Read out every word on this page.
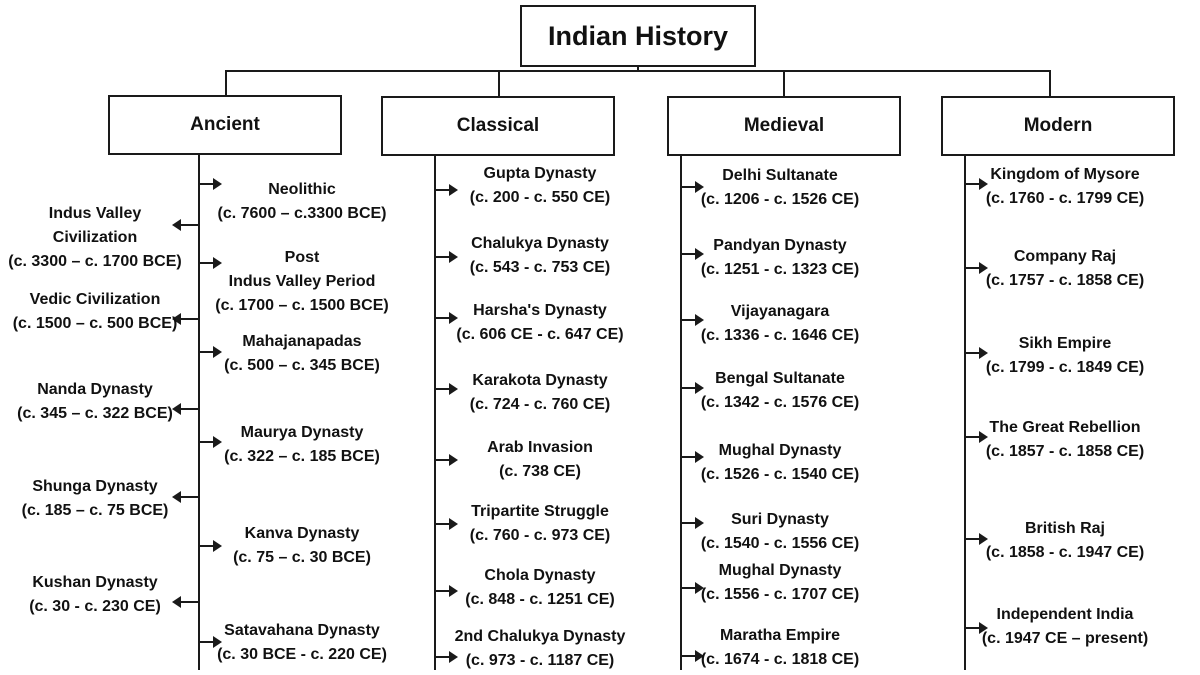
Indian History
Ancient	Classical	Medieval	Modern
Neolithic
(c. 7600 – c.3300 BCE)
Indus Valley
Civilization
(c. 3300 – c. 1700 BCE)	Post
Indus Valley Period
(c. 1700 – c. 1500 BCE)
Vedic Civilization
(c. 1500 – c. 500 BCE)
Mahajanapadas
(c. 500 – c. 345 BCE)
Nanda Dynasty
(c. 345 – c. 322 BCE)
Maurya Dynasty
(c. 322 – c. 185 BCE)
Shunga Dynasty
(c. 185 – c. 75 BCE)
Kanva Dynasty
(c. 75 – c. 30 BCE)
Kushan Dynasty
(c. 30 - c. 230 CE)
Satavahana Dynasty
(c. 30 BCE - c. 220 CE)
Gupta Dynasty
(c. 200 - c. 550 CE)
Chalukya Dynasty
(c. 543 - c. 753 CE)
Harsha's Dynasty
(c. 606 CE - c. 647 CE)
Karakota Dynasty
(c. 724 - c. 760 CE)
Arab Invasion
(c. 738 CE)
Tripartite Struggle
(c. 760 - c. 973 CE)
Chola Dynasty
(c. 848 - c. 1251 CE)
2nd Chalukya Dynasty
(c. 973 - c. 1187 CE)
Delhi Sultanate
(c. 1206 - c. 1526 CE)
Pandyan Dynasty
(c. 1251 - c. 1323 CE)
Vijayanagara
(c. 1336 - c. 1646 CE)
Bengal Sultanate
(c. 1342 - c. 1576 CE)
Mughal Dynasty
(c. 1526 - c. 1540 CE)
Suri Dynasty
(c. 1540 - c. 1556 CE)
Mughal Dynasty
(c. 1556 - c. 1707 CE)
Maratha Empire
(c. 1674 - c. 1818 CE)
Kingdom of Mysore
(c. 1760 - c. 1799 CE)
Company Raj
(c. 1757 - c. 1858 CE)
Sikh Empire
(c. 1799 - c. 1849 CE)
The Great Rebellion
(c. 1857 - c. 1858 CE)
British Raj
(c. 1858 - c. 1947 CE)
Independent India
(c. 1947 CE – present)
